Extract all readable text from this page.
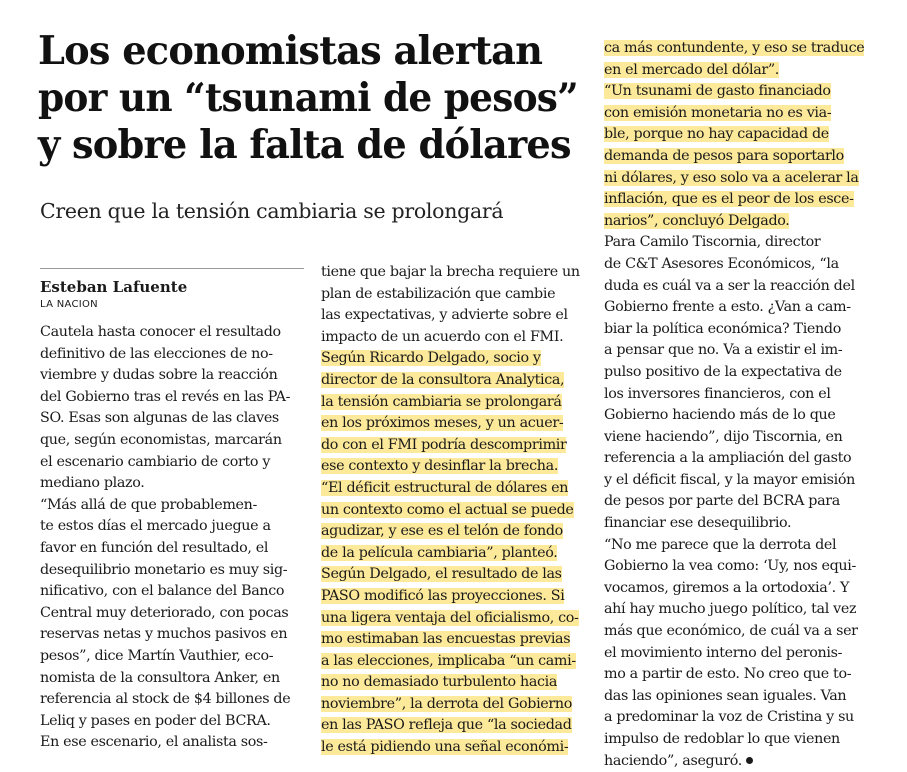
Los economistas alertan
por un “tsunami de pesos”
y sobre la falta de dólares

Creen que la tensión cambiaria se prolongará

Esteban Lafuente
LA NACION
Cautela hasta conocer el resultado
definitivo de las elecciones de no-
viembre y dudas sobre la reacción
del Gobierno tras el revés en las PA-
SO. Esas son algunas de las claves
que, según economistas, marcarán
el escenario cambiario de corto y
mediano plazo.
“Más allá de que probablemen-
te estos días el mercado juegue a
favor en función del resultado, el
desequilibrio monetario es muy sig-
nificativo, con el balance del Banco
Central muy deteriorado, con pocas
reservas netas y muchos pasivos en
pesos”, dice Martín Vauthier, eco-
nomista de la consultora Anker, en
referencia al stock de $4 billones de
Leliq y pases en poder del BCRA.
En ese escenario, el analista sos-
tiene que bajar la brecha requiere un
plan de estabilización que cambie
las expectativas, y advierte sobre el
impacto de un acuerdo con el FMI.
Según Ricardo Delgado, socio y
director de la consultora Analytica,
la tensión cambiaria se prolongará
en los próximos meses, y un acuer-
do con el FMI podría descomprimir
ese contexto y desinflar la brecha.
“El déficit estructural de dólares en
un contexto como el actual se puede
agudizar, y ese es el telón de fondo
de la película cambiaria”, planteó.
Según Delgado, el resultado de las
PASO modificó las proyecciones. Si
una ligera ventaja del oficialismo, co-
mo estimaban las encuestas previas
a las elecciones, implicaba “un cami-
no no demasiado turbulento hacia
noviembre”, la derrota del Gobierno
en las PASO refleja que “la sociedad
le está pidiendo una señal económi-
ca más contundente, y eso se traduce
en el mercado del dólar”.
“Un tsunami de gasto financiado
con emisión monetaria no es via-
ble, porque no hay capacidad de
demanda de pesos para soportarlo
ni dólares, y eso solo va a acelerar la
inflación, que es el peor de los esce-
narios”, concluyó Delgado.
Para Camilo Tiscornia, director
de C&T Asesores Económicos, “la
duda es cuál va a ser la reacción del
Gobierno frente a esto. ¿Van a cam-
biar la política económica? Tiendo
a pensar que no. Va a existir el im-
pulso positivo de la expectativa de
los inversores financieros, con el
Gobierno haciendo más de lo que
viene haciendo”, dijo Tiscornia, en
referencia a la ampliación del gasto
y el déficit fiscal, y la mayor emisión
de pesos por parte del BCRA para
financiar ese desequilibrio.
“No me parece que la derrota del
Gobierno la vea como: ‘Uy, nos equi-
vocamos, giremos a la ortodoxia’. Y
ahí hay mucho juego político, tal vez
más que económico, de cuál va a ser
el movimiento interno del peronis-
mo a partir de esto. No creo que to-
das las opiniones sean iguales. Van
a predominar la voz de Cristina y su
impulso de redoblar lo que vienen
haciendo”, aseguró.
